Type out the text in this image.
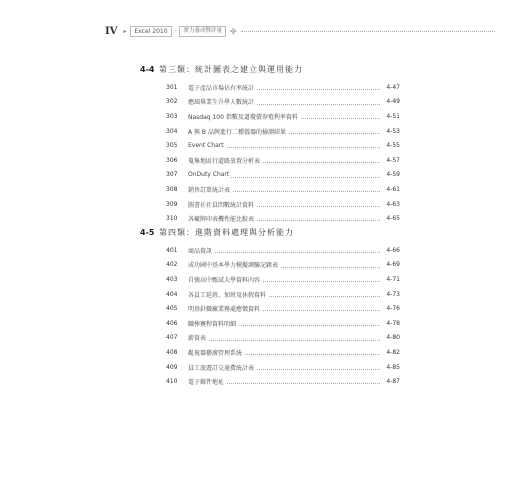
IV ▸	Excel 2010	·	實力養成暨評量	✤
4-4 第三類：統計圖表之建立與運用能力
301 電子產品市場佔有率統計	4-47
302 應屆畢業生升學人數統計	4-49
303 Nasdaq 100 指數及道瓊債券殖利率資料	4-51
304 A 與 B 品牌進行二種儀器的檢測結果	4-53
305 Event Chart	4-55
306 蒐集地區行道路放置分析表	4-57
307 OnDuty Chart	4-59
308 銷售訂單統計表	4-61
309 圖書社社員問數統計資料	4-63
310 各廠牌印表機性能比較表	4-65
4-5 第四類：進階資料處理與分析能力
401 商品資訊	4-66
402 成功國中基本學力模擬測驗記錄表	4-69
403 自強高中甄試大學資料內容	4-71
404 各員工延班、加班及休假資料	4-73
405 明基針織廠業務處應徵資料	4-76
406 職棒賽程資料明細	4-78
407 薪資表	4-80
408 亂視器藝廣管理系統	4-82
409 員工旅遊訂交通費統計表	4-85
410 電子郵件地址	4-87
